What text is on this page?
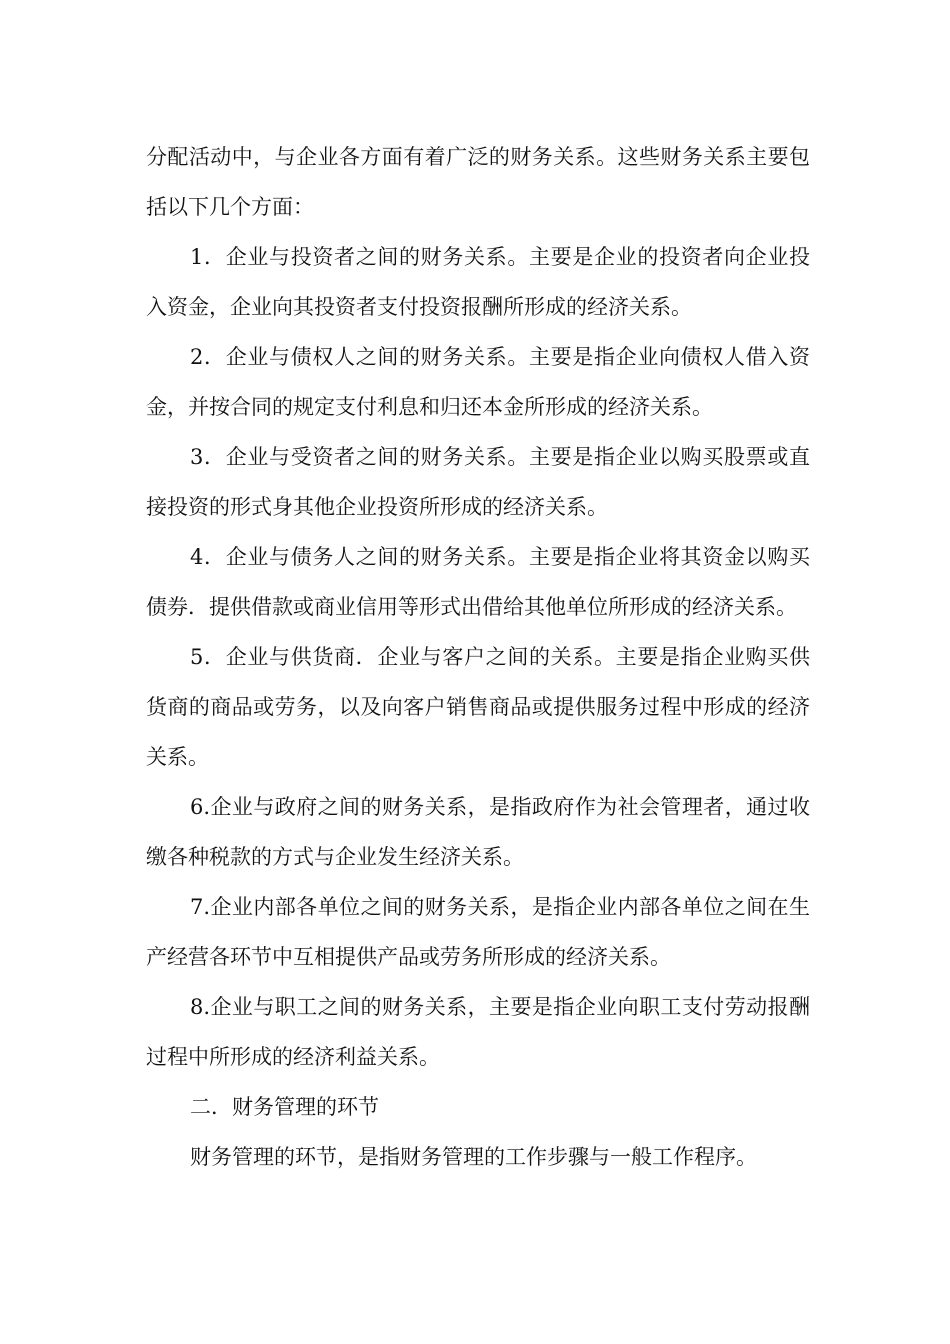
分配活动中，与企业各方面有着广泛的财务关系。这些财务关系主要包括以下几个方面：

1．企业与投资者之间的财务关系。主要是企业的投资者向企业投入资金，企业向其投资者支付投资报酬所形成的经济关系。

2．企业与债权人之间的财务关系。主要是指企业向债权人借入资金，并按合同的规定支付利息和归还本金所形成的经济关系。

3．企业与受资者之间的财务关系。主要是指企业以购买股票或直接投资的形式身其他企业投资所形成的经济关系。

4．企业与债务人之间的财务关系。主要是指企业将其资金以购买债券．提供借款或商业信用等形式出借给其他单位所形成的经济关系。

5．企业与供货商．企业与客户之间的关系。主要是指企业购买供货商的商品或劳务，以及向客户销售商品或提供服务过程中形成的经济关系。

6.企业与政府之间的财务关系，是指政府作为社会管理者，通过收缴各种税款的方式与企业发生经济关系。

7.企业内部各单位之间的财务关系，是指企业内部各单位之间在生产经营各环节中互相提供产品或劳务所形成的经济关系。

8.企业与职工之间的财务关系，主要是指企业向职工支付劳动报酬过程中所形成的经济利益关系。

二．财务管理的环节

财务管理的环节，是指财务管理的工作步骤与一般工作程序。
